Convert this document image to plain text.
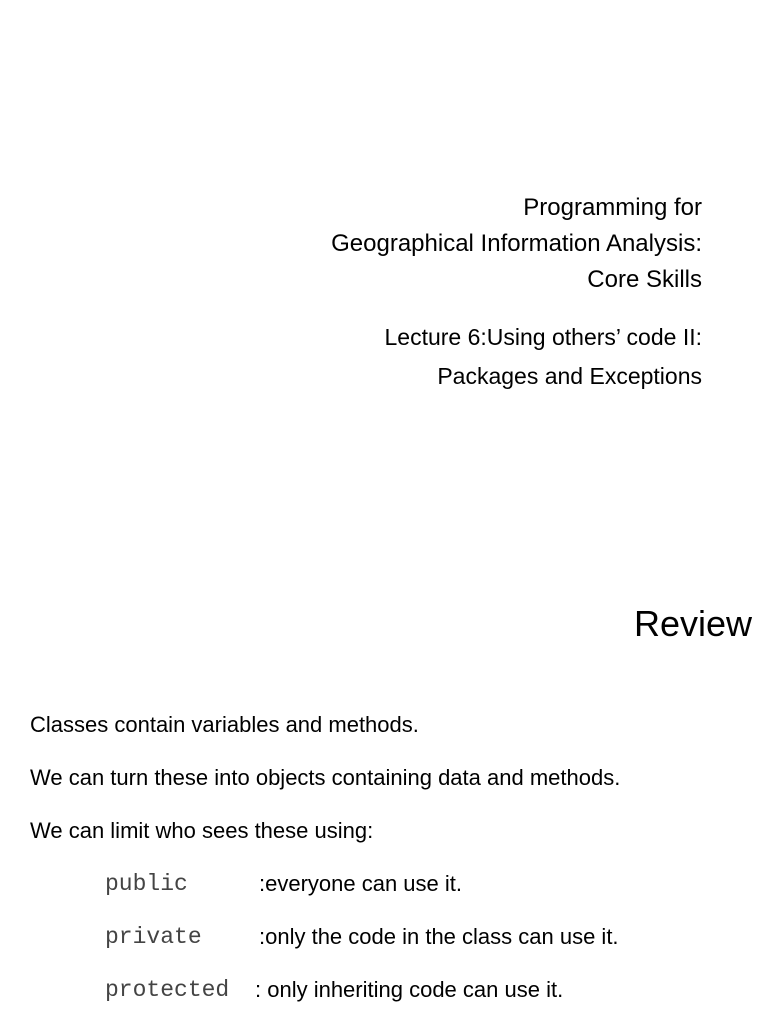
Programming for
Geographical Information Analysis:
Core Skills
Lecture 6:Using others’ code II:
Packages and Exceptions
Review
Classes contain variables and methods.
We can turn these into objects containing data and methods.
We can limit who sees these using:
public	:everyone can use it.
private	:only the code in the class can use it.
protected : only inheriting code can use it.
